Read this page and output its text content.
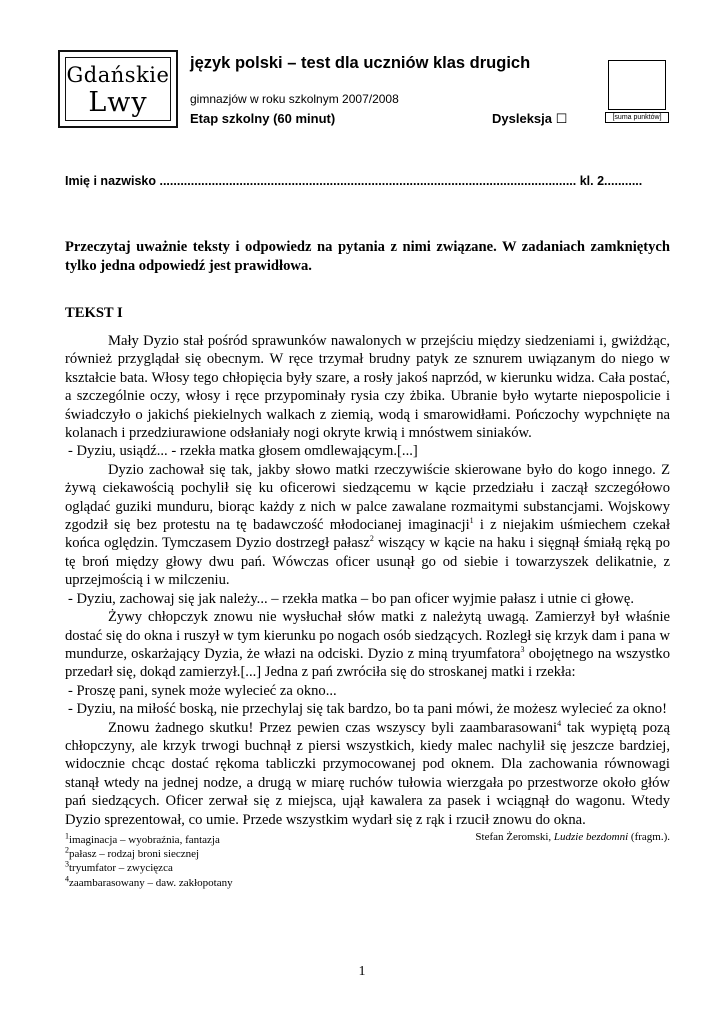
Gdańskie
Lwy
język polski – test dla uczniów klas drugich
gimnazjów w roku szkolnym 2007/2008
Etap szkolny (60 minut)	Dysleksja ☐	[suma punktów]
Imię i nazwisko ........................................................................................................................ kl. 2...........
Przeczytaj uważnie teksty i odpowiedz na pytania z nimi związane. W zadaniach zamkniętych tylko jedna odpowiedź jest prawidłowa.
TEKST I

Mały Dyzio stał pośród sprawunków nawalonych w przejściu między siedzeniami i, gwiżdżąc, również przyglądał się obecnym. W ręce trzymał brudny patyk ze sznurem uwiązanym do niego w kształcie bata. Włosy tego chłopięcia były szare, a rosły jakoś naprzód, w kierunku widza. Cała postać, a szczególnie oczy, włosy i ręce przypominały rysia czy żbika. Ubranie było wytarte niepospolicie i świadczyło o jakichś piekielnych walkach z ziemią, wodą i smarowidłami. Pończochy wypchnięte na kolanach i przedziurawione odsłaniały nogi okryte krwią i mnóstwem siniaków.

- Dyziu, usiądź... - rzekła matka głosem omdlewającym.[...]

Dyzio zachował się tak, jakby słowo matki rzeczywiście skierowane było do kogo innego. Z żywą ciekawością pochylił się ku oficerowi siedzącemu w kącie przedziału i zaczął szczegółowo oglądać guziki munduru, biorąc każdy z nich w palce zawalane rozmaitymi substancjami. Wojskowy zgodził się bez protestu na tę badawczość młodocianej imaginacji$^1$ i z niejakim uśmiechem czekał końca oględzin. Tymczasem Dyzio dostrzegł pałasz$^2$ wiszący w kącie na haku i sięgnął śmiałą ręką po tę broń między głowy dwu pań. Wówczas oficer usunął go od siebie i towarzyszek delikatnie, z uprzejmością i w milczeniu.

- Dyziu, zachowaj się jak należy... – rzekła matka – bo pan oficer wyjmie pałasz i utnie ci głowę.

Żywy chłopczyk znowu nie wysłuchał słów matki z należytą uwagą. Zamierzył był właśnie dostać się do okna i ruszył w tym kierunku po nogach osób siedzących. Rozległ się krzyk dam i pana w mundurze, oskarżający Dyzia, że włazi na odciski. Dyzio z miną tryumfatora$^3$ obojętnego na wszystko przedarł się, dokąd zamierzył.[...] Jedna z pań zwróciła się do stroskanej matki i rzekła:

- Proszę pani, synek może wylecieć za okno...

- Dyziu, na miłość boską, nie przechylaj się tak bardzo, bo ta pani mówi, że możesz wylecieć za okno!

Znowu żadnego skutku! Przez pewien czas wszyscy byli zaambarasowani$^4$ tak wypiętą pozą chłopczyny, ale krzyk trwogi buchnął z piersi wszystkich, kiedy malec nachylił się jeszcze bardziej, widocznie chcąc dostać rękoma tabliczki przymocowanej pod oknem. Dla zachowania równowagi stanął wtedy na jednej nodze, a drugą w miarę ruchów tułowia wierzgała po przestworze około głów pań siedzących. Oficer zerwał się z miejsca, ujął kawalera za pasek i wciągnął do wagonu. Wtedy Dyzio sprezentował, co umie. Przede wszystkim wydarł się z rąk i rzucił znowu do okna.

Stefan Żeromski, Ludzie bezdomni (fragm.).
$^1$imaginacja – wyobraźnia, fantazja
$^2$pałasz – rodzaj broni siecznej
$^3$tryumfator – zwycięzca
$^4$zaambarasowany – daw. zakłopotany
1
